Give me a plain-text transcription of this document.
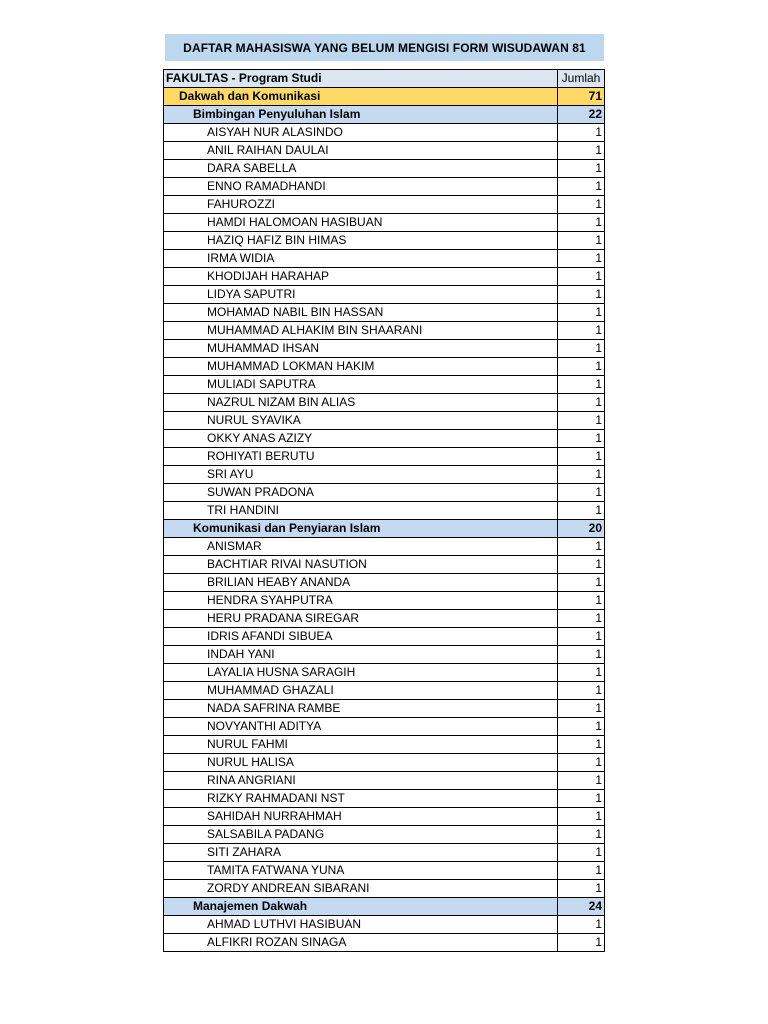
DAFTAR MAHASISWA YANG BELUM MENGISI FORM WISUDAWAN 81
FAKULTAS - Program Studi	Jumlah
Dakwah dan Komunikasi	71
Bimbingan Penyuluhan Islam	22
AISYAH NUR ALASINDO	1
ANIL RAIHAN DAULAI	1
DARA SABELLA	1
ENNO RAMADHANDI	1
FAHUROZZI	1
HAMDI HALOMOAN HASIBUAN	1
HAZIQ HAFIZ BIN HIMAS	1
IRMA WIDIA	1
KHODIJAH HARAHAP	1
LIDYA SAPUTRI	1
MOHAMAD NABIL BIN HASSAN	1
MUHAMMAD ALHAKIM BIN SHAARANI	1
MUHAMMAD IHSAN	1
MUHAMMAD LOKMAN HAKIM	1
MULIADI SAPUTRA	1
NAZRUL NIZAM BIN ALIAS	1
NURUL SYAVIKA	1
OKKY ANAS AZIZY	1
ROHIYATI BERUTU	1
SRI AYU	1
SUWAN PRADONA	1
TRI HANDINI	1
Komunikasi dan Penyiaran Islam	20
ANISMAR	1
BACHTIAR RIVAI NASUTION	1
BRILIAN HEABY ANANDA	1
HENDRA SYAHPUTRA	1
HERU PRADANA SIREGAR	1
IDRIS AFANDI SIBUEA	1
INDAH YANI	1
LAYALIA HUSNA SARAGIH	1
MUHAMMAD GHAZALI	1
NADA SAFRINA RAMBE	1
NOVYANTHI ADITYA	1
NURUL FAHMI	1
NURUL HALISA	1
RINA ANGRIANI	1
RIZKY RAHMADANI NST	1
SAHIDAH NURRAHMAH	1
SALSABILA PADANG	1
SITI ZAHARA	1
TAMITA FATWANA YUNA	1
ZORDY ANDREAN SIBARANI	1
Manajemen Dakwah	24
AHMAD LUTHVI HASIBUAN	1
ALFIKRI ROZAN SINAGA	1
